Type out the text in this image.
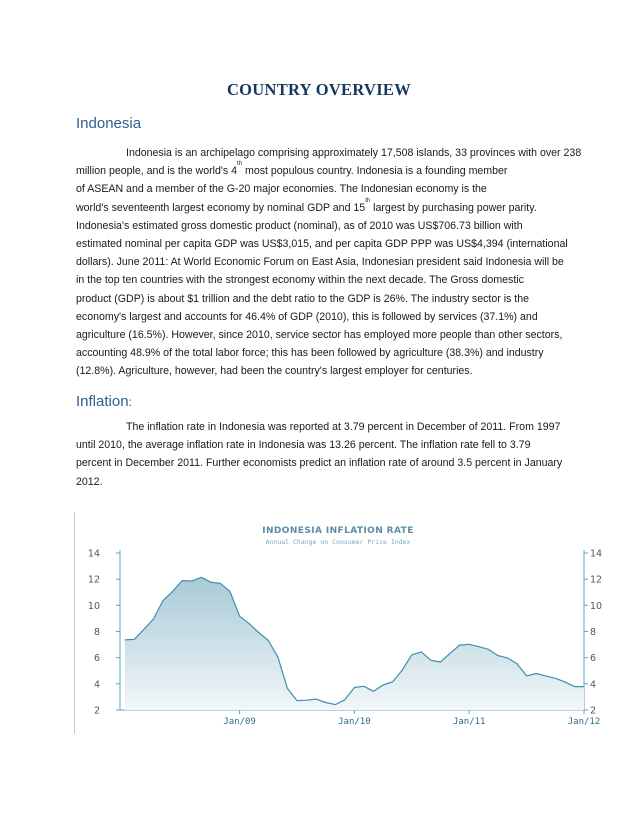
COUNTRY OVERVIEW
Indonesia
Indonesia is an archipelago comprising approximately 17,508 islands, 33 provinces with over 238
million people, and is the world's 4th most populous country. Indonesia is a founding member
of ASEAN and a member of the G-20 major economies. The Indonesian economy is the
world's seventeenth largest economy by nominal GDP and 15th largest by purchasing power parity.
Indonesia's estimated gross domestic product (nominal), as of 2010 was US$706.73 billion with
estimated nominal per capita GDP was US$3,015, and per capita GDP PPP was US$4,394 (international
dollars). June 2011: At World Economic Forum on East Asia, Indonesian president said Indonesia will be
in the top ten countries with the strongest economy within the next decade. The Gross domestic
product (GDP) is about $1 trillion and the debt ratio to the GDP is 26%. The industry sector is the
economy's largest and accounts for 46.4% of GDP (2010), this is followed by services (37.1%) and
agriculture (16.5%). However, since 2010, service sector has employed more people than other sectors,
accounting 48.9% of the total labor force; this has been followed by agriculture (38.3%) and industry
(12.8%). Agriculture, however, had been the country's largest employer for centuries.
Inflation:
The inflation rate in Indonesia was reported at 3.79 percent in December of 2011. From 1997
until 2010, the average inflation rate in Indonesia was 13.26 percent. The inflation rate fell to 3.79
percent in December 2011. Further economists predict an inflation rate of around 3.5 percent in January
2012.
INDONESIA INFLATION RATE
Annual Change on Consumer Price Index
2	2
4	4
6	6
8	8
10	10
12	12
14	14
Jan/09	Jan/10	Jan/11	Jan/12
